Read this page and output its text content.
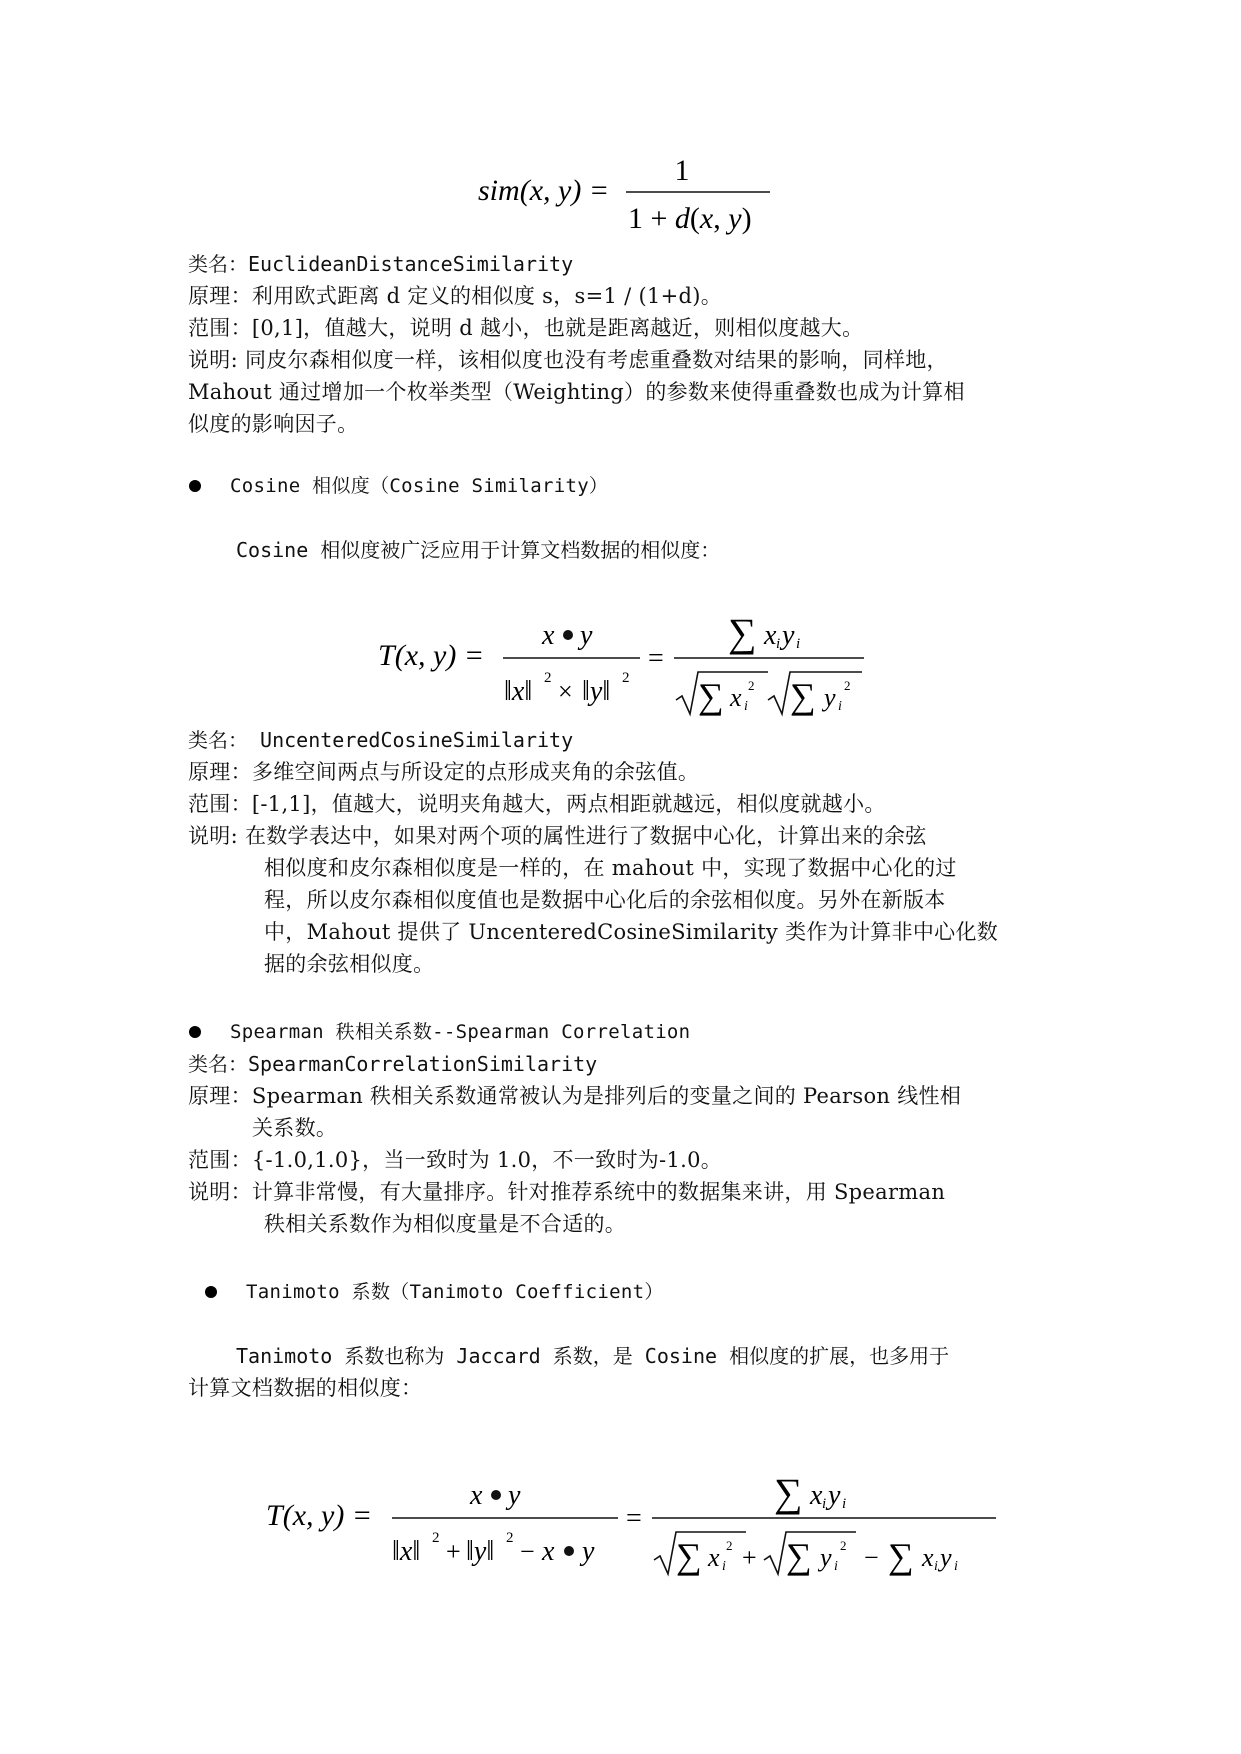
sim(x, y) =
1
1 + d(x, y)
类名：EuclideanDistanceSimilarity
原理：利用欧式距离 d 定义的相似度 s，s=1 / (1+d)。
范围：[0,1]，值越大，说明 d 越小，也就是距离越近，则相似度越大。
说明: 同皮尔森相似度一样，该相似度也没有考虑重叠数对结果的影响，同样地，
Mahout 通过增加一个枚举类型（Weighting）的参数来使得重叠数也成为计算相
似度的影响因子。
Cosine 相似度（Cosine Similarity）
Cosine 相似度被广泛应用于计算文档数据的相似度：
T(x, y) =
x y
‖x‖ 2 × ‖y‖ 2
=
∑ x i y i
∑ x i
2 ∑ y i
2
类名： UncenteredCosineSimilarity
原理：多维空间两点与所设定的点形成夹角的余弦值。
范围：[-1,1]，值越大，说明夹角越大，两点相距就越远，相似度就越小。
说明: 在数学表达中，如果对两个项的属性进行了数据中心化，计算出来的余弦
相似度和皮尔森相似度是一样的，在 mahout 中，实现了数据中心化的过
程，所以皮尔森相似度值也是数据中心化后的余弦相似度。另外在新版本
中，Mahout 提供了 UncenteredCosineSimilarity 类作为计算非中心化数
据的余弦相似度。
Spearman 秩相关系数--Spearman Correlation
类名：SpearmanCorrelationSimilarity
原理：Spearman 秩相关系数通常被认为是排列后的变量之间的 Pearson 线性相
关系数。
范围：{-1.0,1.0}，当一致时为 1.0，不一致时为-1.0。
说明：计算非常慢，有大量排序。针对推荐系统中的数据集来讲，用 Spearman
秩相关系数作为相似度量是不合适的。
Tanimoto 系数（Tanimoto Coefficient）
Tanimoto 系数也称为 Jaccard 系数，是 Cosine 相似度的扩展，也多用于
计算文档数据的相似度：
T(x, y) =
x y
‖x‖ 2 + ‖y‖ 2 − x y
=
∑ x i y i
∑ x i
2 + ∑ y i
2 − ∑ x i y i
